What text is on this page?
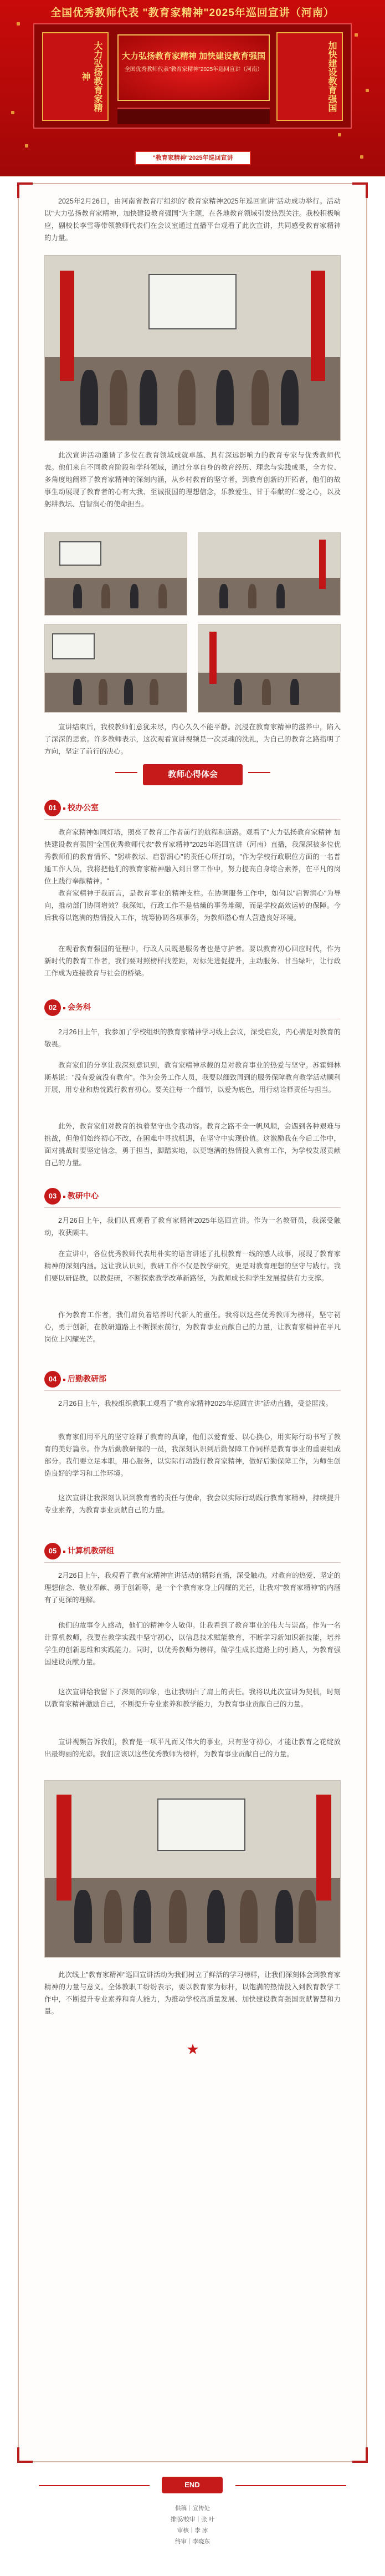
全国优秀教师代表 "教育家精神"2025年巡回宣讲（河南）
大力弘扬教育家精神
大力弘扬教育家精神 加快建设教育强国
全国优秀教师代表"教育家精神"2025年巡回宣讲（河南）	加快建设教育强国
"教育家精神"2025年巡回宣讲

2025年2月26日，由河南省教育厅组织的"教育家精神2025年巡回宣讲"活动成功举行。活动以"大力弘扬教育家精神，加快建设教育强国"为主题，在各地教育领域引发热烈关注。我校积极响应，副校长李雪等带领教师代表们在会议室通过直播平台观看了此次宣讲，共同感受教育家精神的力量。

此次宣讲活动邀请了多位在教育领域成就卓越、具有深远影响力的教育专家与优秀教师代表。他们来自不同教育阶段和学科领域，通过分享自身的教育经历、理念与实践成果，全方位、多角度地阐释了教育家精神的深刻内涵，从乡村教育的坚守者，到教育创新的开拓者，他们的故事生动展现了教育者的心有大我、至诚报国的理想信念，乐教爱生、甘于奉献的仁爱之心，以及躬耕教坛、启智润心的使命担当。

宣讲结束后，我校教师们意犹未尽，内心久久不能平静。沉浸在教育家精神的滋养中，陷入了深深的思索。许多教师表示，这次观看宣讲视频是一次灵魂的洗礼，为自己的教育之路指明了方向，坚定了前行的决心。

教师心得体会
01	校办公室

教育家精神如同灯塔，照亮了教育工作者前行的航程和道路。观看了"大力弘扬教育家精神 加快建设教育强国"全国优秀教师代表"教育家精神"2025年巡回宣讲（河南）直播，我深深被多位优秀教师们的教育情怀、"躬耕教坛、启智润心"的责任心所打动，"作为学校行政职位方面的一名普通工作人员，我将把他们的教育家精神融入到日常工作中，努力提高自身综合素养，在平凡的岗位上践行奉献精神。"

教育家精神于我而言，是教育事业的精神支柱。在协调服务工作中，如何以"启智润心"为导向，推动部门协同增效？我深知，行政工作不是枯燥的事务堆砌，而是学校高效运转的保障。今后我将以饱满的热情投入工作，统筹协调各项事务，为教师潜心育人营造良好环境。

在观看教育强国的征程中，行政人员既是服务者也是守护者。要以教育初心回应时代，作为新时代的教育工作者，我们要对照榜样找差距，对标先进促提升，主动服务、甘当绿叶，让行政工作成为连接教育与社会的桥梁。

02	会务科

2月26日上午，我参加了学校组织的教育家精神学习线上会议，深受启发，内心满是对教育的敬畏。

教育家们的分享让我深刻意识到，教育家精神承载的是对教育事业的热爱与坚守。苏霍姆林斯基说："没有爱就没有教育"。作为会务工作人员，我要以细致周到的服务保障教育教学活动顺利开展，用专业和热忱践行教育初心。要关注每一个细节，以爱为底色，用行动诠释责任与担当。

此外，教育家们对教育的执着坚守也令我动容。教育之路不全一帆风顺，会遇到各种艰难与挑战，但他们始终初心不改，在困难中寻找机遇，在坚守中实现价值。这激励我在今后工作中，面对挑战时要坚定信念，勇于担当，脚踏实地，以更饱满的热情投入教育工作，为学校发展贡献自己的力量。

03	教研中心

2月26日上午，我们认真观看了教育家精神2025年巡回宣讲。作为一名教研员，我深受触动，收获颇丰。

在宣讲中，各位优秀教师代表用朴实的语言讲述了扎根教育一线的感人故事，展现了教育家精神的深刻内涵。这让我认识到，教研工作不仅是教学研究，更是对教育理想的坚守与践行。我们要以研促教，以教促研，不断探索教学改革新路径，为教师成长和学生发展提供有力支撑。

作为教育工作者，我们肩负着培养时代新人的重任。我将以这些优秀教师为榜样，坚守初心，勇于创新，在教研道路上不断探索前行，为教育事业贡献自己的力量，让教育家精神在平凡岗位上闪耀光芒。

04	后勤教研部

2月26日上午，我校组织教职工观看了"教育家精神2025年巡回宣讲"活动直播，受益匪浅。

教育家们用平凡的坚守诠释了教育的真谛，他们以爱育爱、以心换心，用实际行动书写了教育的美好篇章。作为后勤教研部的一员，我深刻认识到后勤保障工作同样是教育事业的重要组成部分。我们要立足本职，用心服务，以实际行动践行教育家精神，做好后勤保障工作，为师生创造良好的学习和工作环境。

这次宣讲让我深刻认识到教育者的责任与使命，我会以实际行动践行教育家精神，持续提升专业素养，为教育事业贡献自己的力量。

05	计算机教研组

2月26日上午，我观看了教育家精神宣讲活动的精彩直播，深受触动。对教育的热爱、坚定的理想信念、敬业奉献、勇于创新等，是一个个教育家身上闪耀的光芒，让我对"教育家精神"的内涵有了更深的理解。

他们的故事令人感动，他们的精神令人敬仰。让我看到了教育事业的伟大与崇高。作为一名计算机教师，我要在教学实践中坚守初心，以信息技术赋能教育，不断学习新知识新技能，培养学生的创新思维和实践能力。同时，以优秀教师为榜样，做学生成长道路上的引路人，为教育强国建设贡献力量。

这次宣讲给我留下了深刻的印象，也让我明白了肩上的责任。我将以此次宣讲为契机，时刻以教育家精神激励自己，不断提升专业素养和教学能力，为教育事业贡献自己的力量。

宣讲视频告诉我们，教育是一项平凡而又伟大的事业，只有坚守初心，才能让教育之花绽放出最绚丽的光彩。我们应该以这些优秀教师为榜样，为教育事业贡献自己的力量。

此次线上"教育家精神"巡回宣讲活动为我们树立了鲜活的学习榜样，让我们深刻体会到教育家精神的力量与意义。全体教职工纷纷表示，要以教育家为标杆，以饱满的热情投入到教育教学工作中，不断提升专业素养和育人能力，为推动学校高质量发展、加快建设教育强国贡献智慧和力量。

★
END
供稿｜宣传处
排版/校审｜张 叶
审核｜李 冰
终审｜李晓东
